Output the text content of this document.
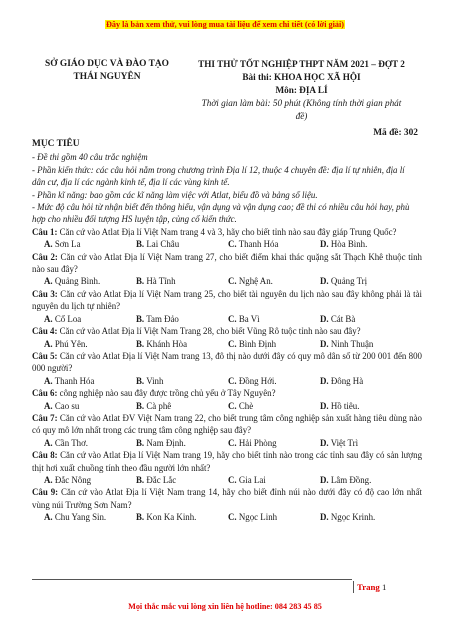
Đây là bản xem thử, vui lòng mua tài liệu để xem chi tiết (có lời giải)
SỞ GIÁO DỤC VÀ ĐÀO TẠO
THÁI NGUYÊN
THI THỬ TỐT NGHIỆP THPT NĂM 2021 – ĐỢT 2
Bài thi: KHOA HỌC XÃ HỘI
Môn: ĐỊA LÍ
Thời gian làm bài: 50 phút (Không tính thời gian phát
đề)
Mã đề: 302
MỤC TIÊU
- Đề thi gồm 40 câu trắc nghiệm
- Phần kiến thức: các câu hỏi nằm trong chương trình Địa lí 12, thuộc 4 chuyên đề: địa lí tự nhiên, địa lí
dân cư, địa lí các ngành kinh tế, địa lí các vùng kinh tế.
- Phần kĩ năng: bao gồm các kĩ năng làm việc với Atlat, biểu đồ và bảng số liệu.
- Mức độ câu hỏi từ nhận biết đến thông hiểu, vận dụng và vận dụng cao; đề thi có nhiều câu hỏi hay, phù hợp cho nhiều đối tượng HS luyện tập, củng cố kiến thức.
Câu 1: Căn cứ vào Atlat Địa lí Việt Nam trang 4 và 3, hãy cho biết tỉnh nào sau đây giáp Trung Quốc?
A. Sơn La	B. Lai Châu	C. Thanh Hóa	D. Hòa Bình.
Câu 2: Căn cứ vào Atlat Địa lí Việt Nam trang 27, cho biết điểm khai thác quặng sắt Thạch Khê thuộc tỉnh nào sau đây?
A. Quảng Bình.	B. Hà Tĩnh	C. Nghệ An.	D. Quảng Trị
Câu 3: Căn cứ vào Atlat Địa lí Việt Nam trang 25, cho biết tài nguyên du lịch nào sau đây không phải là tài nguyên du lịch tự nhiên?
A. Cổ Loa	B. Tam Đảo	C. Ba Vì	D. Cát Bà
Câu 4: Căn cứ vào Atlat Địa lí Việt Nam Trang 28, cho biết Vũng Rô tuộc tỉnh nào sau đây?
A. Phú Yên.	B. Khánh Hòa	C. Bình Định	D. Ninh Thuận
Câu 5: Căn cứ vào Atlat Địa lí Việt Nam trang 13, đô thị nào dưới đây có quy mô dân số từ 200 001 đến 800 000 người?
A. Thanh Hóa	B. Vinh	C. Đồng Hới.	D. Đông Hà
Câu 6: công nghiệp nào sau đây được trồng chủ yếu ở Tây Nguyên?
A. Cao su	B. Cà phê	C. Chè	D. Hồ tiêu.
Câu 7: Căn cứ vào Atlat ĐV Việt Nam trang 22, cho biết trung tâm công nghiệp sản xuất hàng tiêu dùng nào có quy mô lớn nhất trong các trung tâm công nghiệp sau đây?
A. Cần Thơ.	B. Nam Định.	C. Hải Phòng	D. Việt Trì
Câu 8: Căn cứ vào Atlat Địa lí Việt Nam trang 19, hãy cho biết tỉnh nào trong các tỉnh sau đây có sản lượng thịt hơi xuất chuồng tính theo đầu người lớn nhất?
A. Đắc Nông	B. Đắc Lắc	C. Gia Lai	D. Lâm Đồng.
Câu 9: Căn cứ vào Atlat Địa lí Việt Nam trang 14, hãy cho biết đỉnh núi nào dưới đây có độ cao lớn nhất vùng núi Trường Sơn Nam?
A. Chu Yang Sin.	B. Kon Ka Kinh.	C. Ngọc Linh	D. Ngọc Krinh.
Trang 1
Mọi thắc mắc vui lòng xin liên hệ hotline: 084 283 45 85
